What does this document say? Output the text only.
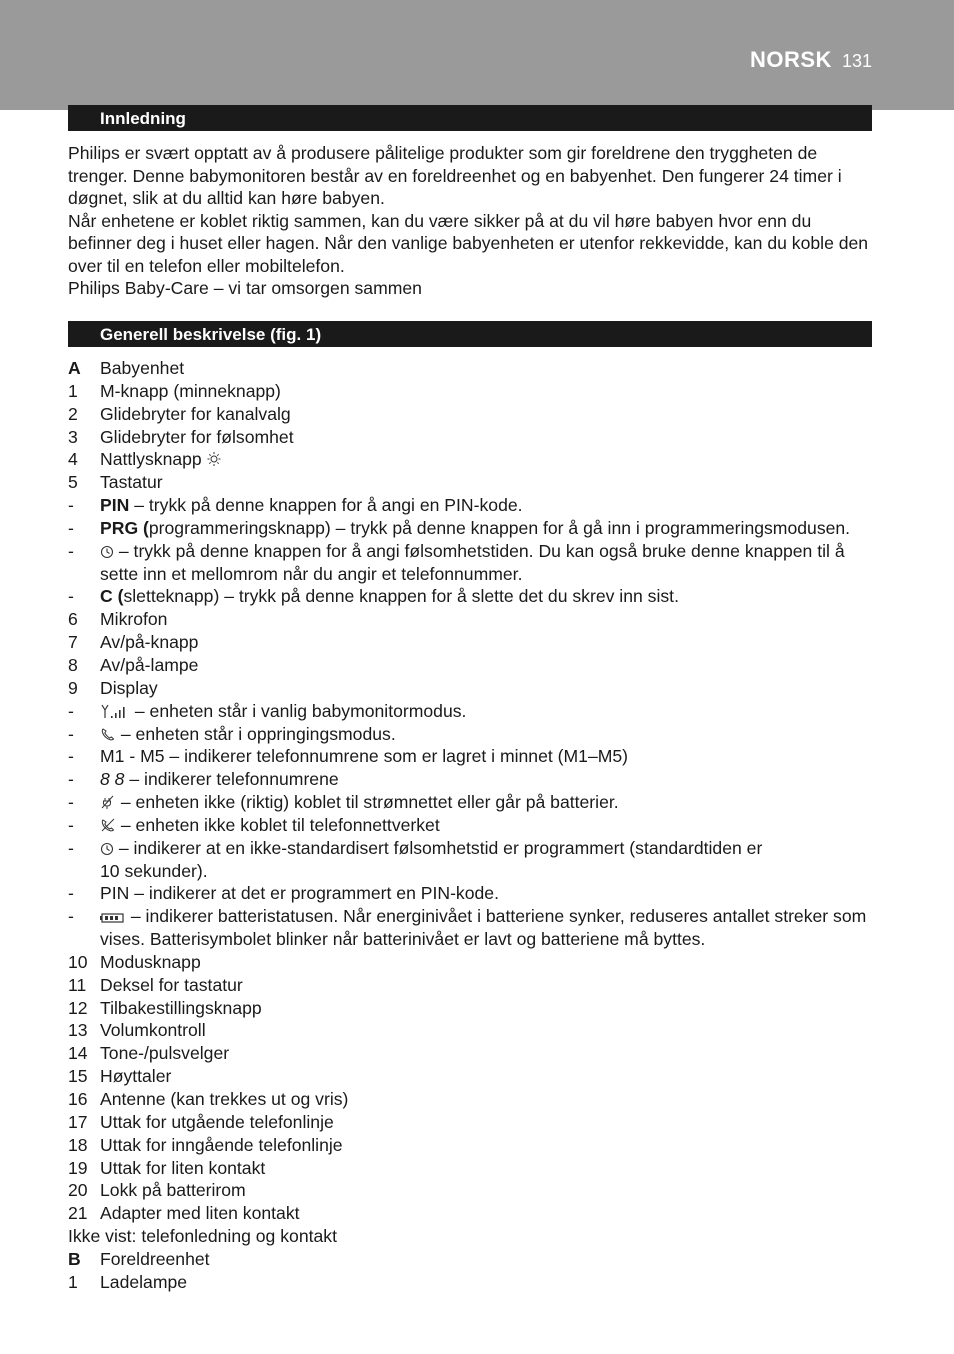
NORSK 131
Innledning

Philips er svært opptatt av å produsere pålitelige produkter som gir foreldrene den tryggheten de trenger. Denne babymonitoren består av en foreldreenhet og en babyenhet. Den fungerer 24 timer i døgnet, slik at du alltid kan høre babyen.

Når enhetene er koblet riktig sammen, kan du være sikker på at du vil høre babyen hvor enn du befinner deg i huset eller hagen. Når den vanlige babyenheten er utenfor rekkevidde, kan du koble den over til en telefon eller mobiltelefon.

Philips Baby-Care – vi tar omsorgen sammen

Generell beskrivelse (fig. 1)
A	Babyenhet
1	M-knapp (minneknapp)
2	Glidebryter for kanalvalg
3	Glidebryter for følsomhet
4	Nattlysknapp
5	Tastatur
-	PIN – trykk på denne knappen for å angi en PIN-kode.
-	PRG (programmeringsknapp) – trykk på denne knappen for å gå inn i programmeringsmodusen.
-	– trykk på denne knappen for å angi følsomhetstiden. Du kan også bruke denne knappen til å sette inn et mellomrom når du angir et telefonnummer.
-	C (sletteknapp) – trykk på denne knappen for å slette det du skrev inn sist.
6	Mikrofon
7	Av/på-knapp
8	Av/på-lampe
9	Display
-	– enheten står i vanlig babymonitormodus.
-	– enheten står i oppringingsmodus.
-	M1 - M5 – indikerer telefonnumrene som er lagret i minnet (M1–M5)
-	8 8 – indikerer telefonnumrene
-	– enheten ikke (riktig) koblet til strømnettet eller går på batterier.
-	– enheten ikke koblet til telefonnettverket
-	– indikerer at en ikke-standardisert følsomhetstid er programmert (standardtiden er
10 sekunder).
-	PIN – indikerer at det er programmert en PIN-kode.
-	– indikerer batteristatusen. Når energinivået i batteriene synker, reduseres antallet streker som vises. Batterisymbolet blinker når batterinivået er lavt og batteriene må byttes.
10 Modusknapp
11 Deksel for tastatur
12 Tilbakestillingsknapp
13 Volumkontroll
14 Tone-/pulsvelger
15 Høyttaler
16 Antenne (kan trekkes ut og vris)
17 Uttak for utgående telefonlinje
18 Uttak for inngående telefonlinje
19 Uttak for liten kontakt
20 Lokk på batterirom
21 Adapter med liten kontakt
Ikke vist: telefonledning og kontakt
B	Foreldreenhet
1	Ladelampe
